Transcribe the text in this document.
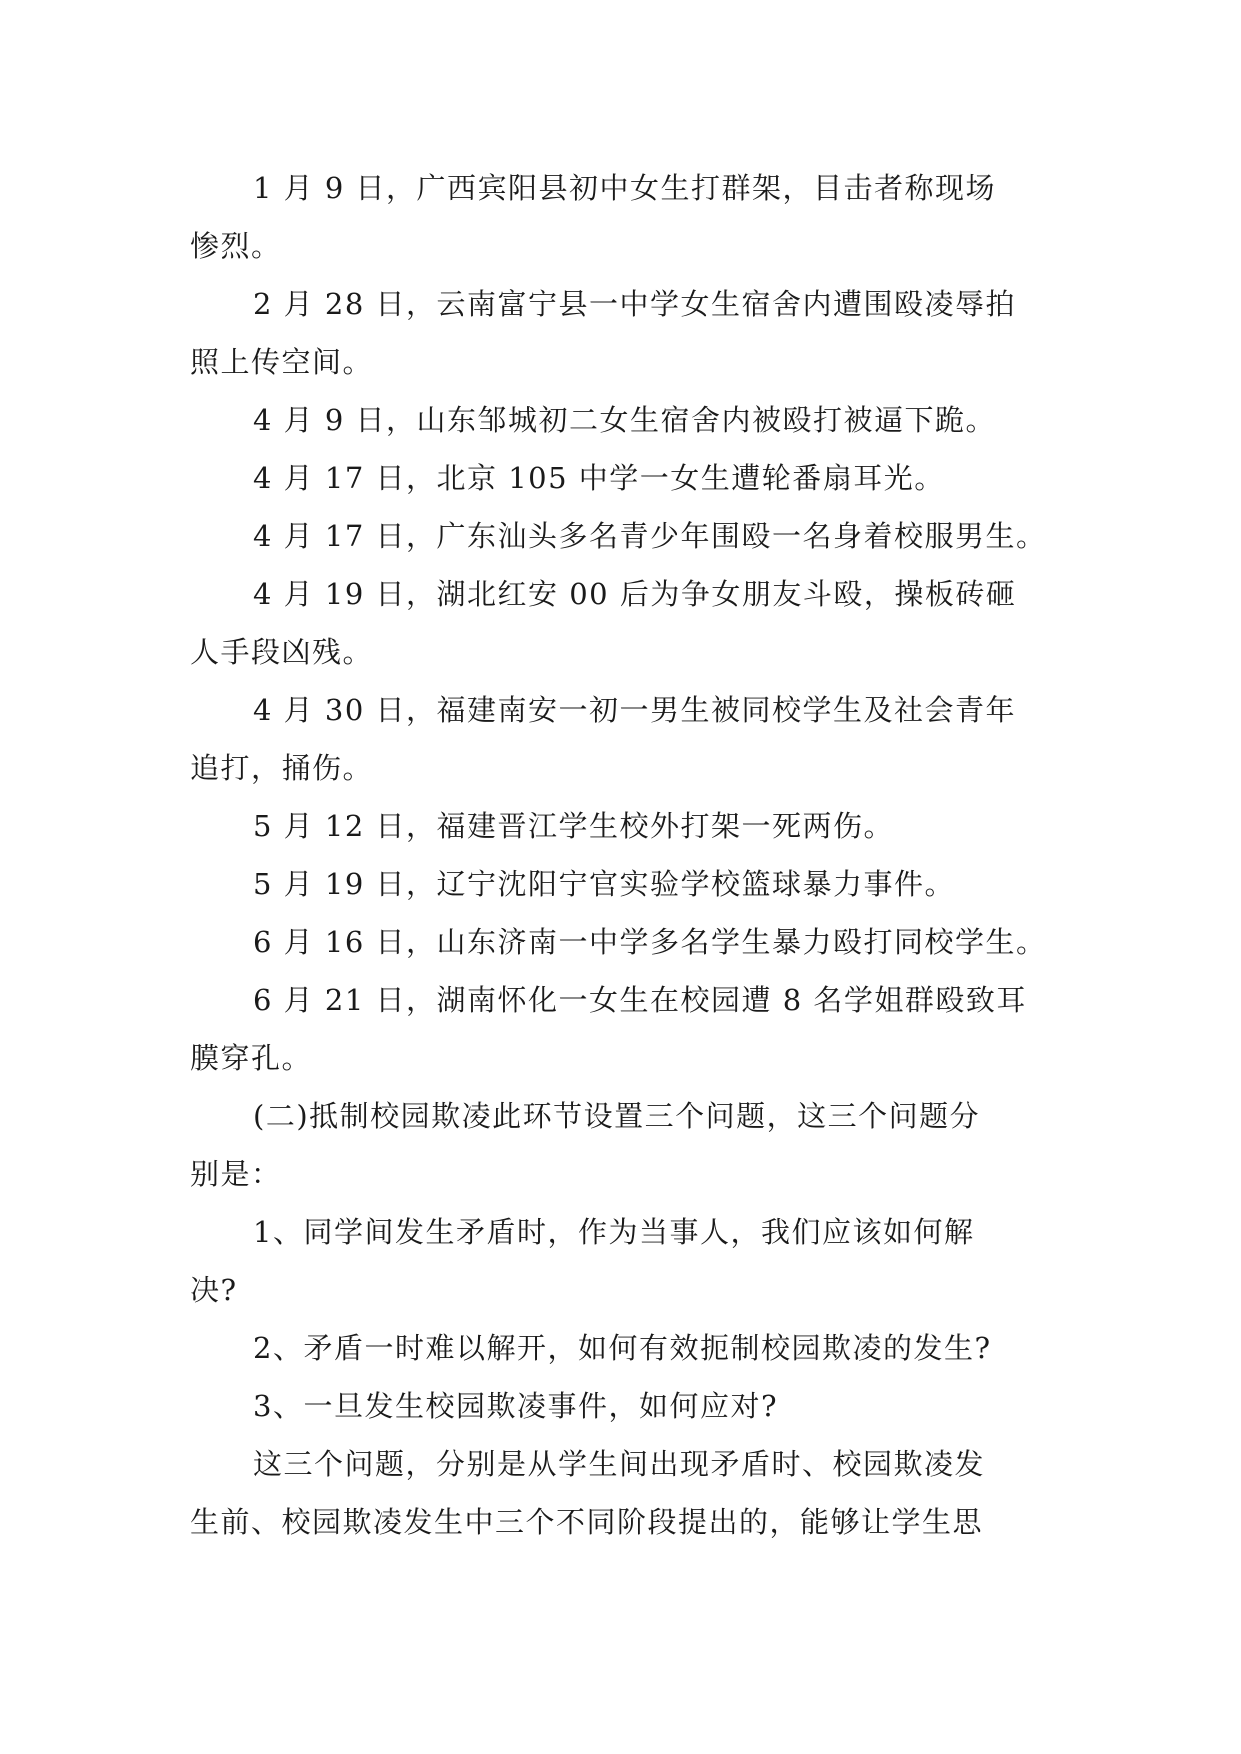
1 月 9 日，广西宾阳县初中女生打群架，目击者称现场
惨烈。
2 月 28 日，云南富宁县一中学女生宿舍内遭围殴凌辱拍
照上传空间。
4 月 9 日，山东邹城初二女生宿舍内被殴打被逼下跪。
4 月 17 日，北京 105 中学一女生遭轮番扇耳光。
4 月 17 日，广东汕头多名青少年围殴一名身着校服男生。
4 月 19 日，湖北红安 00 后为争女朋友斗殴，操板砖砸
人手段凶残。
4 月 30 日，福建南安一初一男生被同校学生及社会青年
追打，捅伤。
5 月 12 日，福建晋江学生校外打架一死两伤。
5 月 19 日，辽宁沈阳宁官实验学校篮球暴力事件。
6 月 16 日，山东济南一中学多名学生暴力殴打同校学生。
6 月 21 日，湖南怀化一女生在校园遭 8 名学姐群殴致耳
膜穿孔。
(二)抵制校园欺凌此环节设置三个问题，这三个问题分
别是：
1、同学间发生矛盾时，作为当事人，我们应该如何解
决?
2、矛盾一时难以解开，如何有效扼制校园欺凌的发生?
3、一旦发生校园欺凌事件，如何应对?
这三个问题，分别是从学生间出现矛盾时、校园欺凌发
生前、校园欺凌发生中三个不同阶段提出的，能够让学生思
